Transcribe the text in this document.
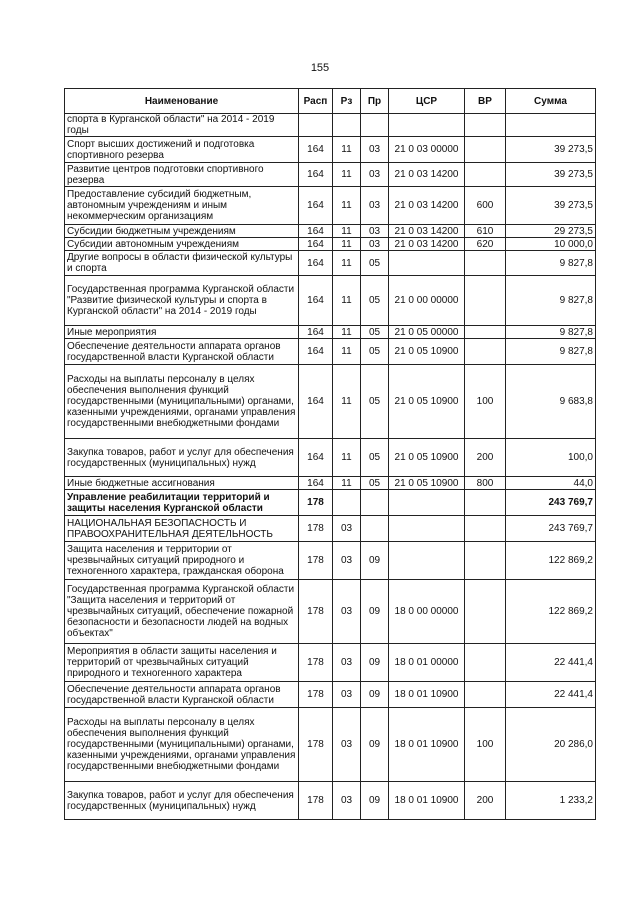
155
Наименование	Расп	Рз	Пр	ЦСР	ВР	Сумма
спорта в Курганской области" на 2014 - 2019 годы						
Спорт высших достижений и подготовка спортивного резерва	164	11	03	21 0 03 00000		39 273,5
Развитие центров подготовки спортивного резерва	164	11	03	21 0 03 14200		39 273,5
Предоставление субсидий бюджетным, автономным учреждениям и иным некоммерческим организациям	164	11	03	21 0 03 14200	600	39 273,5
Субсидии бюджетным учреждениям	164	11	03	21 0 03 14200	610	29 273,5
Субсидии автономным учреждениям	164	11	03	21 0 03 14200	620	10 000,0
Другие вопросы в области физической культуры и спорта	164	11	05			9 827,8
Государственная программа Курганской области "Развитие физической культуры и спорта в Курганской области" на 2014 - 2019 годы	164	11	05	21 0 00 00000		9 827,8
Иные мероприятия	164	11	05	21 0 05 00000		9 827,8
Обеспечение деятельности аппарата органов государственной власти Курганской области	164	11	05	21 0 05 10900		9 827,8
Расходы на выплаты персоналу в целях обеспечения выполнения функций государственными (муниципальными) органами, казенными учреждениями, органами управления государственными внебюджетными фондами	164	11	05	21 0 05 10900	100	9 683,8
Закупка товаров, работ и услуг для обеспечения государственных (муниципальных) нужд	164	11	05	21 0 05 10900	200	100,0
Иные бюджетные ассигнования	164	11	05	21 0 05 10900	800	44,0
Управление реабилитации территорий и защиты населения Курганской области	178					243 769,7
НАЦИОНАЛЬНАЯ БЕЗОПАСНОСТЬ И ПРАВООХРАНИТЕЛЬНАЯ ДЕЯТЕЛЬНОСТЬ	178	03				243 769,7
Защита населения и территории от чрезвычайных ситуаций природного и техногенного характера, гражданская оборона	178	03	09			122 869,2
Государственная программа Курганской области "Защита населения и территорий от чрезвычайных ситуаций, обеспечение пожарной безопасности и безопасности людей на водных объектах"	178	03	09	18 0 00 00000		122 869,2
Мероприятия в области защиты населения и территорий от чрезвычайных ситуаций природного и техногенного характера	178	03	09	18 0 01 00000		22 441,4
Обеспечение деятельности аппарата органов государственной власти Курганской области	178	03	09	18 0 01 10900		22 441,4
Расходы на выплаты персоналу в целях обеспечения выполнения функций государственными (муниципальными) органами, казенными учреждениями, органами управления государственными внебюджетными фондами	178	03	09	18 0 01 10900	100	20 286,0
Закупка товаров, работ и услуг для обеспечения государственных (муниципальных) нужд	178	03	09	18 0 01 10900	200	1 233,2
